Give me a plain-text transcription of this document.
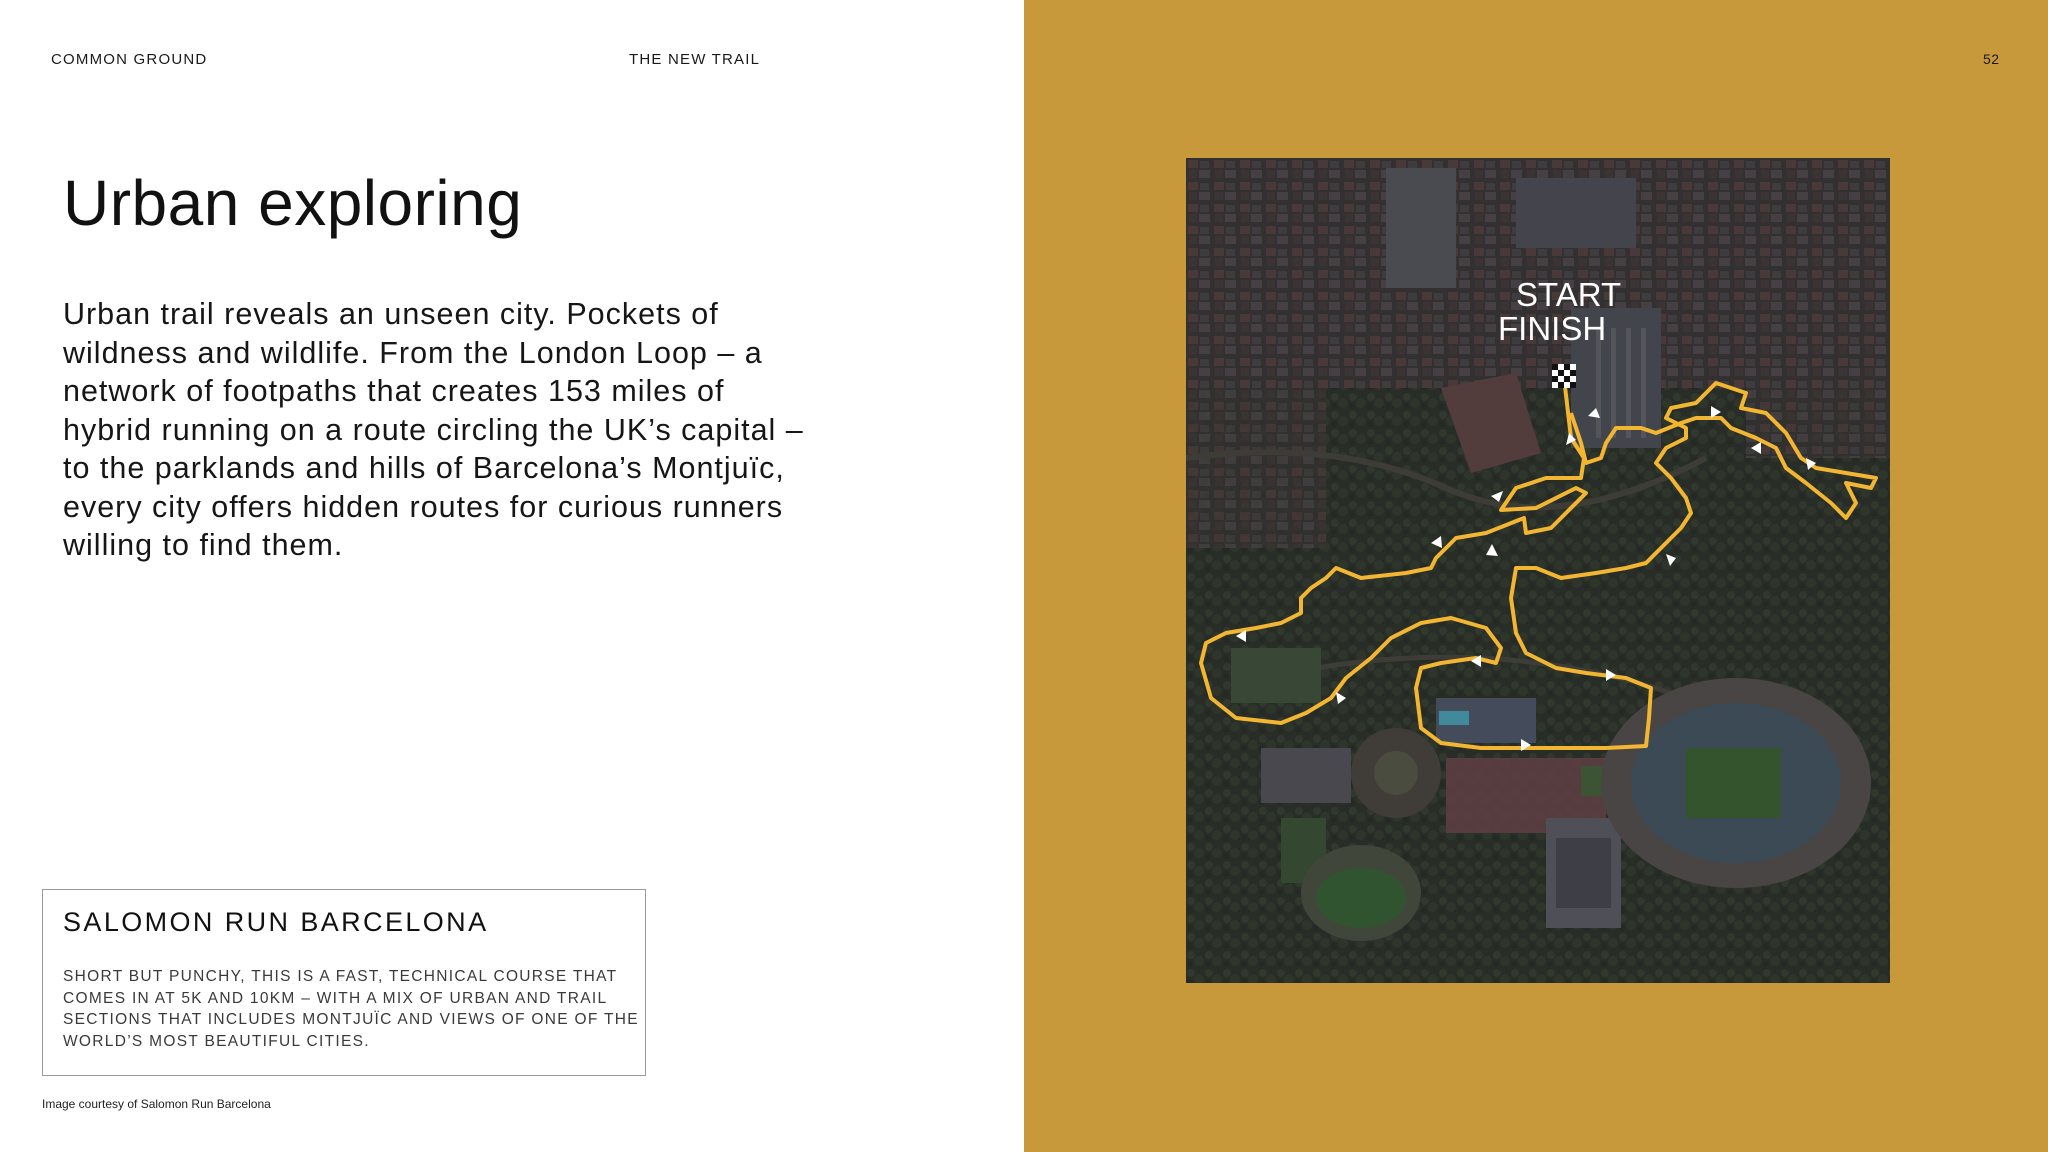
COMMON GROUND	THE NEW TRAIL
Urban exploring

Urban trail reveals an unseen city. Pockets of wildness and wildlife. From the London Loop – a network of footpaths that creates 153 miles of hybrid running on a route circling the UK’s capital – to the parklands and hills of Barcelona’s Montjuïc, every city offers hidden routes for curious runners willing to find them.

SALOMON RUN BARCELONA

SHORT BUT PUNCHY, THIS IS A FAST, TECHNICAL COURSE THAT COMES IN AT 5K AND 10KM – WITH A MIX OF URBAN AND TRAIL SECTIONS THAT INCLUDES MONTJUÏC AND VIEWS OF ONE OF THE WORLD’S MOST BEAUTIFUL CITIES.

Image courtesy of Salomon Run Barcelona
52
START
FINISH
